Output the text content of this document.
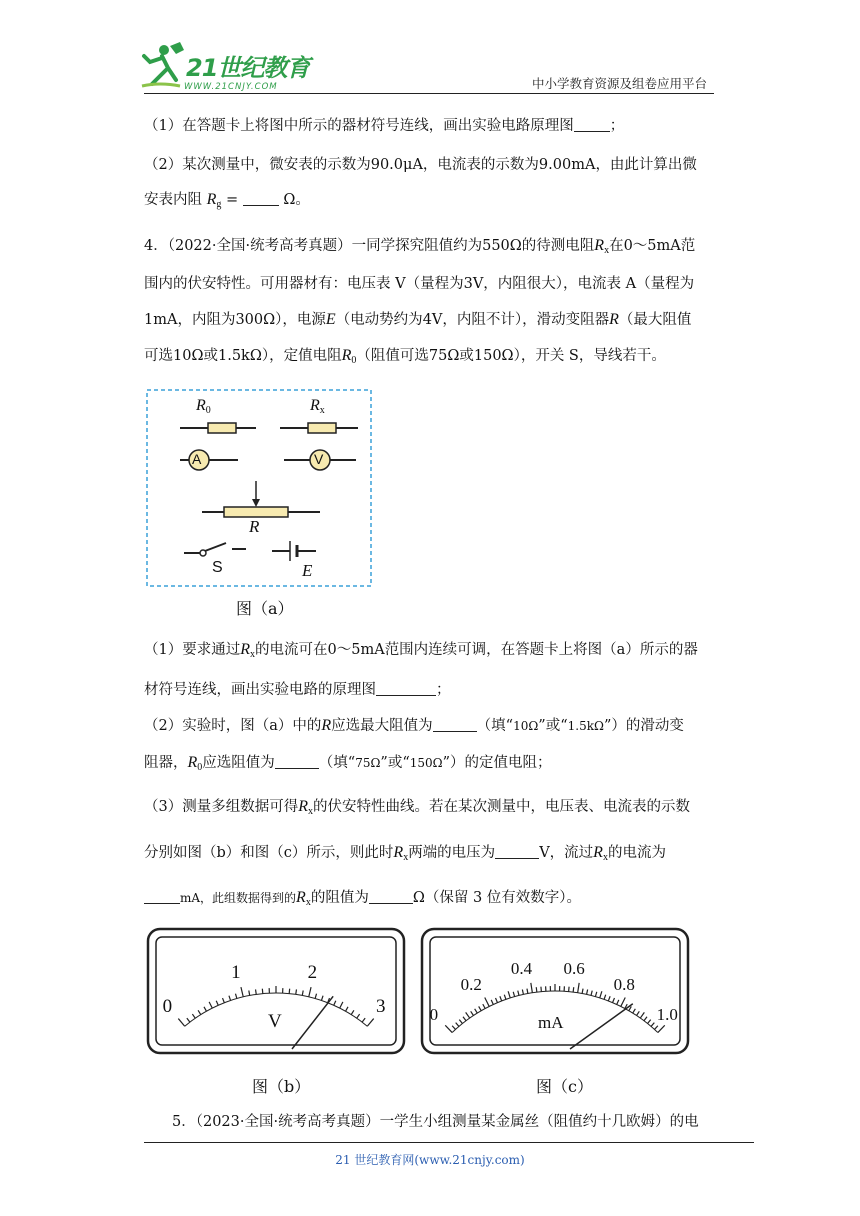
21世纪教育
WWW.21CNJY.COM	中小学教育资源及组卷应用平台
（1）在答题卡上将图中所示的器材符号连线，画出实验电路原理图 ；
（2）某次测量中，微安表的示数为90.0μA，电流表的示数为9.00mA，由此计算出微
安表内阻 $R_g$ =	Ω。
4．（2022·全国·统考高考真题）一同学探究阻值约为550Ω的待测电阻$R_x$在0～5mA范
围内的伏安特性。可用器材有：电压表 V（量程为3V，内阻很大），电流表 A（量程为
1mA，内阻为300Ω），电源E（电动势约为4V，内阻不计），滑动变阻器R（最大阻值
可选10Ω或1.5kΩ），定值电阻$R_0$（阻值可选75Ω或150Ω），开关 S，导线若干。
$R_0$	$R_x$
A	V
R
S	E
图（a）
（1）要求通过$R_x$的电流可在0～5mA范围内连续可调，在答题卡上将图（a）所示的器
材符号连线，画出实验电路的原理图	；
（2）实验时，图（a）中的R应选最大阻值为	（填“10Ω”或“1.5kΩ”）的滑动变
阻器，$R_0$应选阻值为	（填“75Ω”或“150Ω”）的定值电阻；
（3）测量多组数据可得$R_x$的伏安特性曲线。若在某次测量中，电压表、电流表的示数
分别如图（b）和图（c）所示，则此时$R_x$两端的电压为	V，流过$R_x$的电流为
mA，此组数据得到的$R_x$的阻值为	Ω（保留 3 位有效数字）。
0
1	2
3
V
图（b）
0
0.2
0.4 0.6
0.8
1.0
mA
图（c）
5．（2023·全国·统考高考真题）一学生小组测量某金属丝（阻值约十几欧姆）的电
21 世纪教育网(www.21cnjy.com)
